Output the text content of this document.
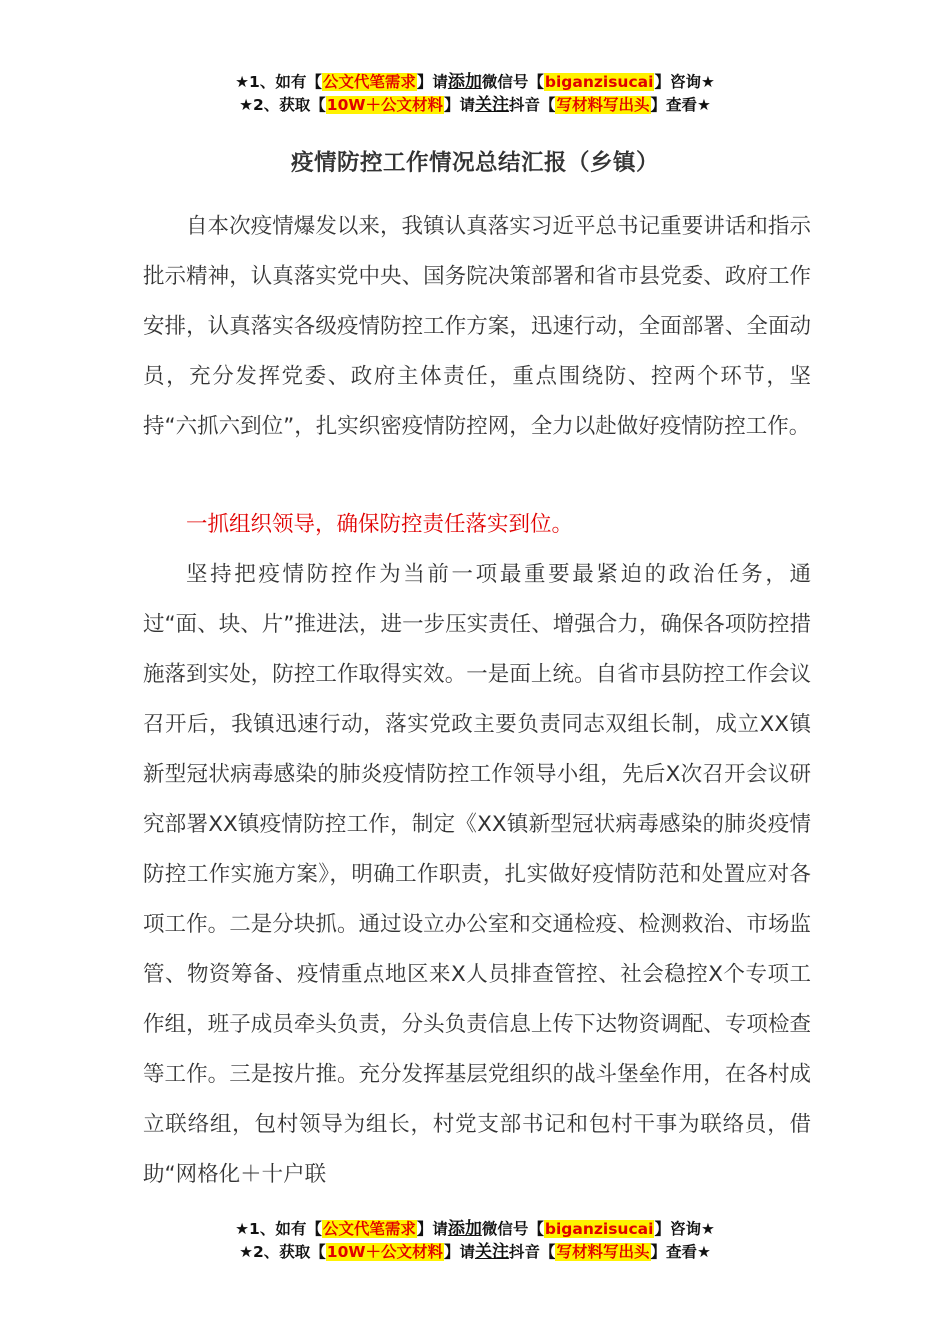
★1、如有【公文代笔需求】请添加微信号【biganzisucai】咨询★
★2、获取【10W＋公文材料】请关注抖音【写材料写出头】查看★
疫情防控工作情况总结汇报（乡镇）

自本次疫情爆发以来，我镇认真落实习近平总书记重要讲话和指示批示精神，认真落实党中央、国务院决策部署和省市县党委、政府工作安排，认真落实各级疫情防控工作方案，迅速行动，全面部署、全面动员，充分发挥党委、政府主体责任，重点围绕防、控两个环节，坚持“六抓六到位”，扎实织密疫情防控网，全力以赴做好疫情防控工作。

一抓组织领导，确保防控责任落实到位。

坚持把疫情防控作为当前一项最重要最紧迫的政治任务，通过“面、块、片”推进法，进一步压实责任、增强合力，确保各项防控措施落到实处，防控工作取得实效。一是面上统。自省市县防控工作会议召开后，我镇迅速行动，落实党政主要负责同志双组长制，成立XX镇新型冠状病毒感染的肺炎疫情防控工作领导小组，先后X次召开会议研究部署XX镇疫情防控工作，制定《XX镇新型冠状病毒感染的肺炎疫情防控工作实施方案》，明确工作职责，扎实做好疫情防范和处置应对各项工作。二是分块抓。通过设立办公室和交通检疫、检测救治、市场监管、物资筹备、疫情重点地区来X人员排查管控、社会稳控X个专项工作组，班子成员牵头负责，分头负责信息上传下达物资调配、专项检查等工作。三是按片推。充分发挥基层党组织的战斗堡垒作用，在各村成立联络组，包村领导为组长，村党支部书记和包村干事为联络员，借助“网格化＋十户联

★1、如有【公文代笔需求】请添加微信号【biganzisucai】咨询★
★2、获取【10W＋公文材料】请关注抖音【写材料写出头】查看★
